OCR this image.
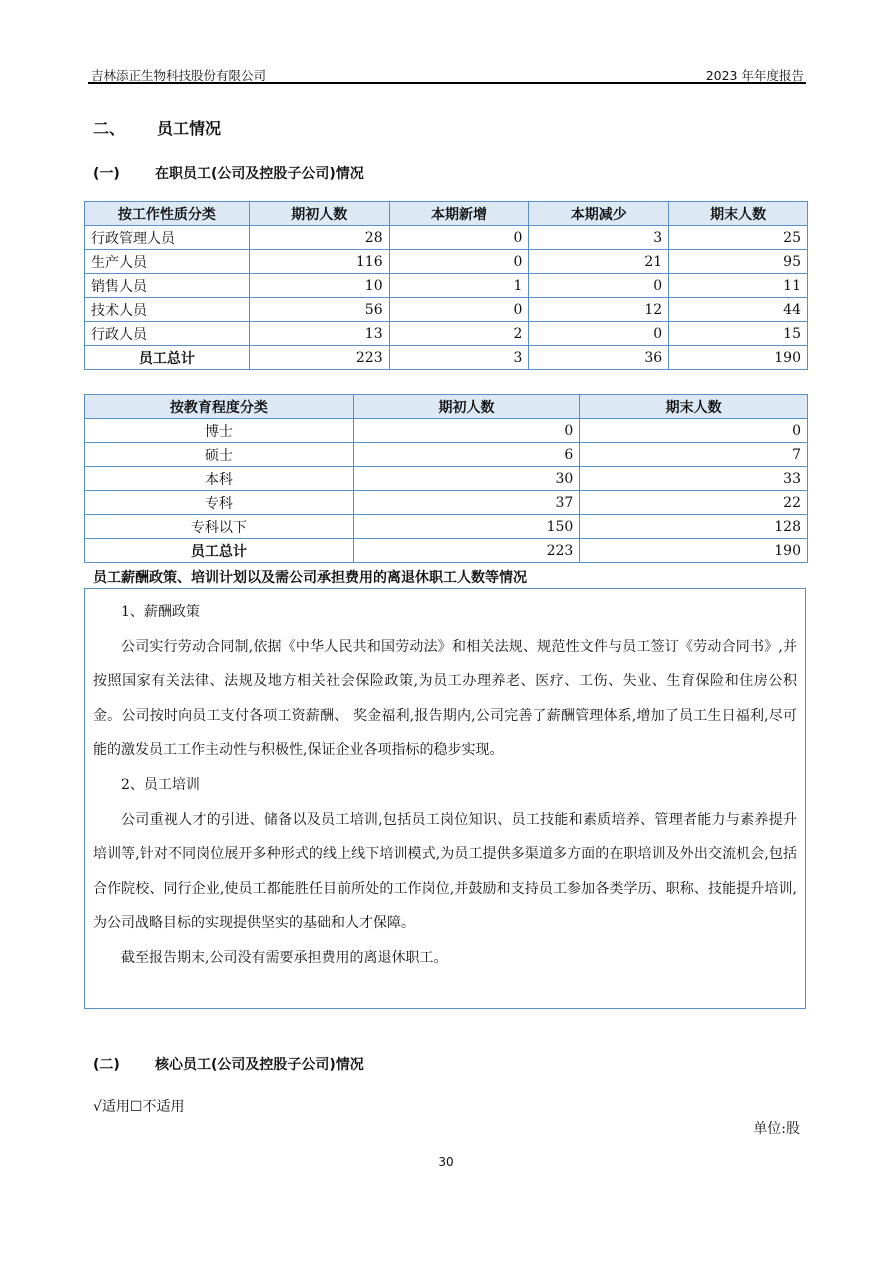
吉林添正生物科技股份有限公司	2023 年年度报告
二、 员工情况
(一)	在职员工(公司及控股子公司)情况
按工作性质分类	期初人数	本期新增	本期减少	期末人数
行政管理人员	28	0	3	25
生产人员	116	0	21	95
销售人员	10	1	0	11
技术人员	56	0	12	44
行政人员	13	2	0	15
员工总计	223	3	36	190
按教育程度分类	期初人数	期末人数
博士	0	0
硕士	6	7
本科	30	33
专科	37	22
专科以下	150	128
员工总计	223	190
员工薪酬政策、培训计划以及需公司承担费用的离退休职工人数等情况

1、薪酬政策

公司实行劳动合同制,依据《中华人民共和国劳动法》和相关法规、规范性文件与员工签订《劳动合同书》,并按照国家有关法律、法规及地方相关社会保险政策,为员工办理养老、医疗、工伤、失业、生育保险和住房公积金。公司按时向员工支付各项工资薪酬、 奖金福利,报告期内,公司完善了薪酬管理体系,增加了员工生日福利,尽可能的激发员工工作主动性与积极性,保证企业各项指标的稳步实现。

2、员工培训

公司重视人才的引进、储备以及员工培训,包括员工岗位知识、员工技能和素质培养、管理者能力与素养提升培训等,针对不同岗位展开多种形式的线上线下培训模式,为员工提供多渠道多方面的在职培训及外出交流机会,包括合作院校、同行企业,使员工都能胜任目前所处的工作岗位,并鼓励和支持员工参加各类学历、职称、技能提升培训,为公司战略目标的实现提供坚实的基础和人才保障。

截至报告期末,公司没有需要承担费用的离退休职工。

(二)	核心员工(公司及控股子公司)情况
√适用☐不适用
单位:股
30
